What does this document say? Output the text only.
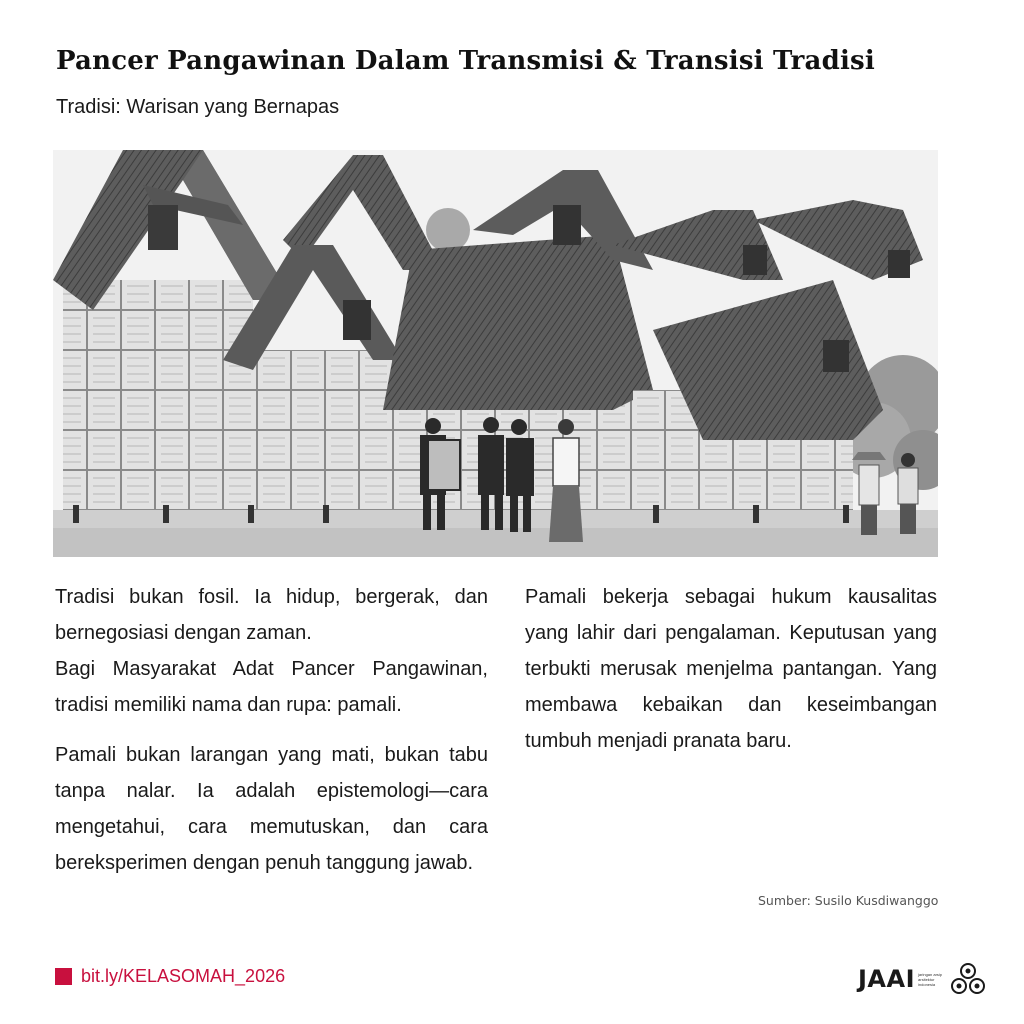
Pancer Pangawinan Dalam Transmisi & Transisi Tradisi

Tradisi: Warisan yang Bernapas

Tradisi bukan fosil. Ia hidup, bergerak, dan bernegosiasi dengan zaman.

Bagi Masyarakat Adat Pancer Pangawinan, tradisi memiliki nama dan rupa: pamali.

Pamali bukan larangan yang mati, bukan tabu tanpa nalar. Ia adalah epistemologi—cara mengetahui, cara memutuskan, dan cara bereksperimen dengan penuh tanggung jawab.

Pamali bekerja sebagai hukum kausalitas yang lahir dari pengalaman. Keputusan yang terbukti merusak menjelma pantangan. Yang membawa kebaikan dan keseimbangan tumbuh menjadi pranata baru.

Sumber: Susilo Kusdiwanggo
bit.ly/KELASOMAH_2026	JAAI jaringan arsip arsitektur indonesia
